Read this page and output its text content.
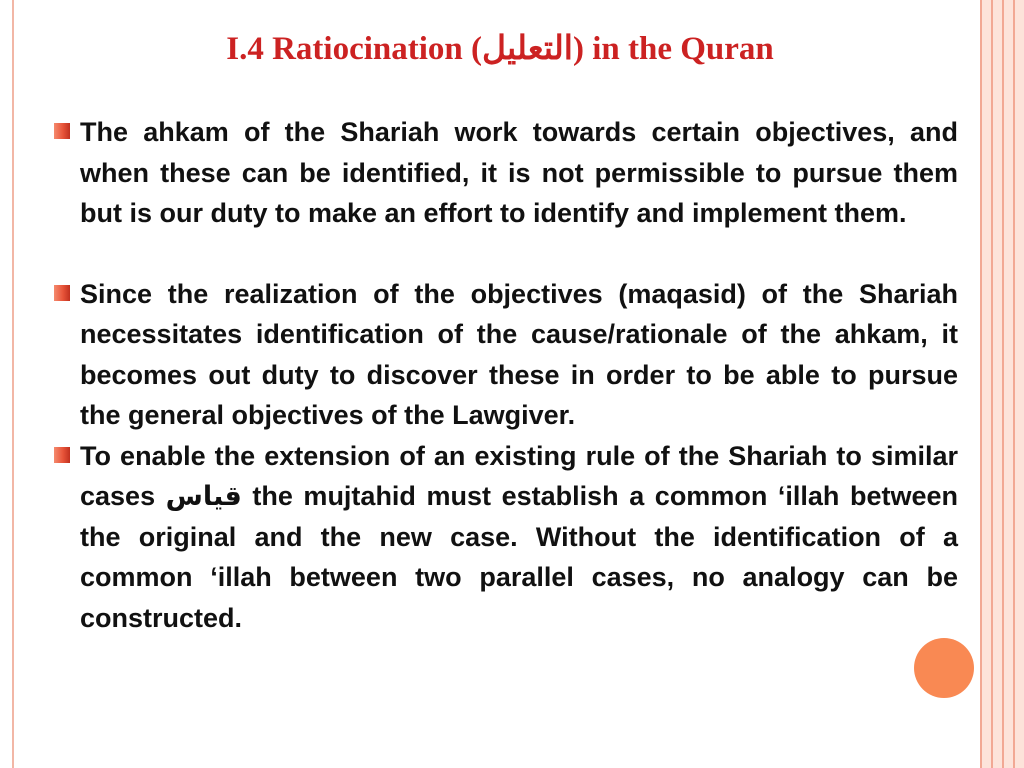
I.4 Ratiocination (التعليل) in the Quran
The ahkam of the Shariah work towards certain objectives, and when these can be identified, it is not permissible to pursue them but is our duty to make an effort to identify and implement them.
Since the realization of the objectives (maqasid) of the Shariah necessitates identification of the cause/rationale of the ahkam, it becomes out duty to discover these in order to be able to pursue the general objectives of the Lawgiver.
To enable the extension of an existing rule of the Shariah to similar cases قياس the mujtahid must establish a common ‘illah between the original and the new case. Without the identification of a common ‘illah between two parallel cases, no analogy can be constructed.
